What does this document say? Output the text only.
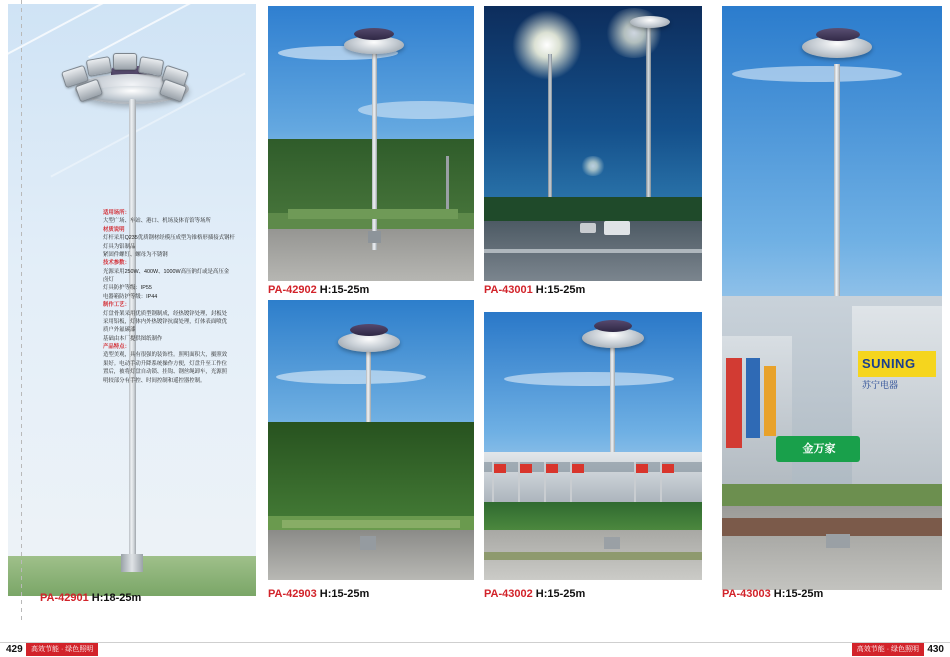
适用场所：
大型广场、车站、港口、机场及体育馆等场所
材质说明
灯杆采用Q235优质钢材经模压成型为锥格形插接式钢杆
灯具为铝制品
紧固件螺钉、螺母为不锈钢
技术参数：
光源采用250W、400W、1000W高压钠灯或是高压金
卤灯
灯具防护等级：IP55
电器箱防护等级：IP44
制作工艺：
灯盘骨架采用优质型钢制成，经热镀锌处理，封板处
采用铝板，灯体内外热镀锌抗腐处理，灯体表面喷优
质户外氟碳漆
基础由本厂提供图纸制作
产品特点：
造型美观，具有很强的装饰性。照明面积大，摄照效
果好。电动手动升降系统操作方便，灯盘升至工作位
置后，被将灯盘自动锁、挂钩、钢丝绳卸车，光源照
明较部分有手控、时间控制和遥控器控制。
PA-42901 H:18-25m
PA-42902 H:15-25m	PA-43001 H:15-25m
SUNING
苏宁电器
金万家
PA-43003 H:15-25m
PA-42903 H:15-25m	PA-43002 H:15-25m
429	高效节能 · 绿色照明	430
高效节能 · 绿色照明
